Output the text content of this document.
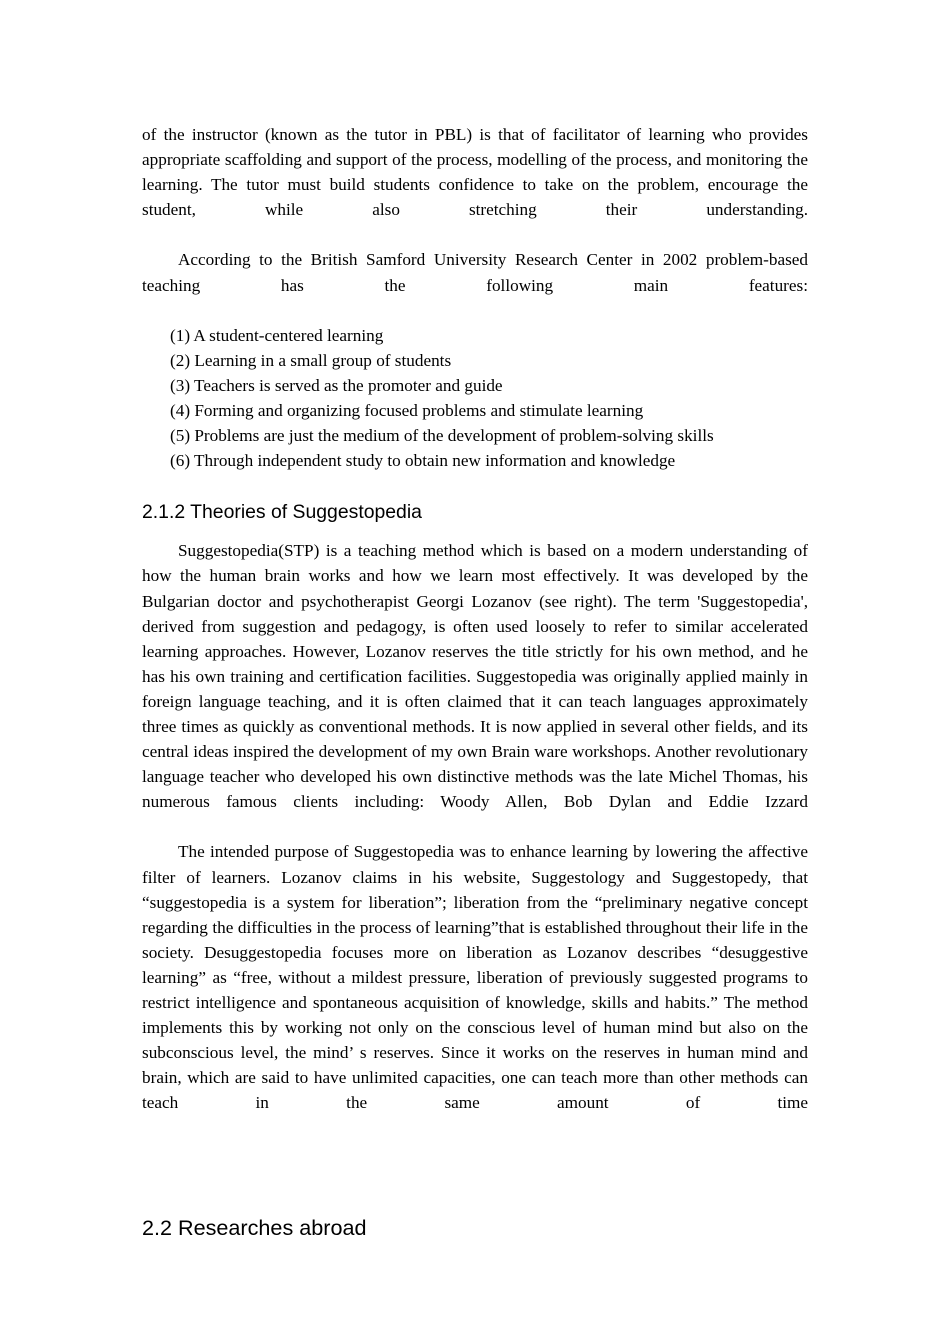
of the instructor (known as the tutor in PBL) is that of facilitator of learning who provides appropriate scaffolding and support of the process, modelling of the process, and monitoring the learning. The tutor must build students confidence to take on the problem, encourage the student, while also stretching their understanding.

According to the British Samford University Research Center in 2002 problem-based teaching has the following main features:

(1) A student-centered learning
(2) Learning in a small group of students
(3) Teachers is served as the promoter and guide
(4) Forming and organizing focused problems and stimulate learning
(5) Problems are just the medium of the development of problem-solving skills
(6) Through independent study to obtain new information and knowledge
2.1.2 Theories of Suggestopedia

Suggestopedia(STP) is a teaching method which is based on a modern understanding of how the human brain works and how we learn most effectively. It was developed by the Bulgarian doctor and psychotherapist Georgi Lozanov (see right). The term 'Suggestopedia', derived from suggestion and pedagogy, is often used loosely to refer to similar accelerated learning approaches. However, Lozanov reserves the title strictly for his own method, and he has his own training and certification facilities. Suggestopedia was originally applied mainly in foreign language teaching, and it is often claimed that it can teach languages approximately three times as quickly as conventional methods. It is now applied in several other fields, and its central ideas inspired the development of my own Brain ware workshops. Another revolutionary language teacher who developed his own distinctive methods was the late Michel Thomas, his numerous famous clients including: Woody Allen, Bob Dylan and Eddie Izzard

The intended purpose of Suggestopedia was to enhance learning by lowering the affective filter of learners. Lozanov claims in his website, Suggestology and Suggestopedy, that “suggestopedia is a system for liberation”; liberation from the “preliminary negative concept regarding the difficulties in the process of learning”that is established throughout their life in the society. Desuggestopedia focuses more on liberation as Lozanov describes “desuggestive learning” as “free, without a mildest pressure, liberation of previously suggested programs to restrict intelligence and spontaneous acquisition of knowledge, skills and habits.” The method implements this by working not only on the conscious level of human mind but also on the subconscious level, the mind’ s reserves. Since it works on the reserves in human mind and brain, which are said to have unlimited capacities, one can teach more than other methods can teach in the same amount of time

2.2 Researches abroad
